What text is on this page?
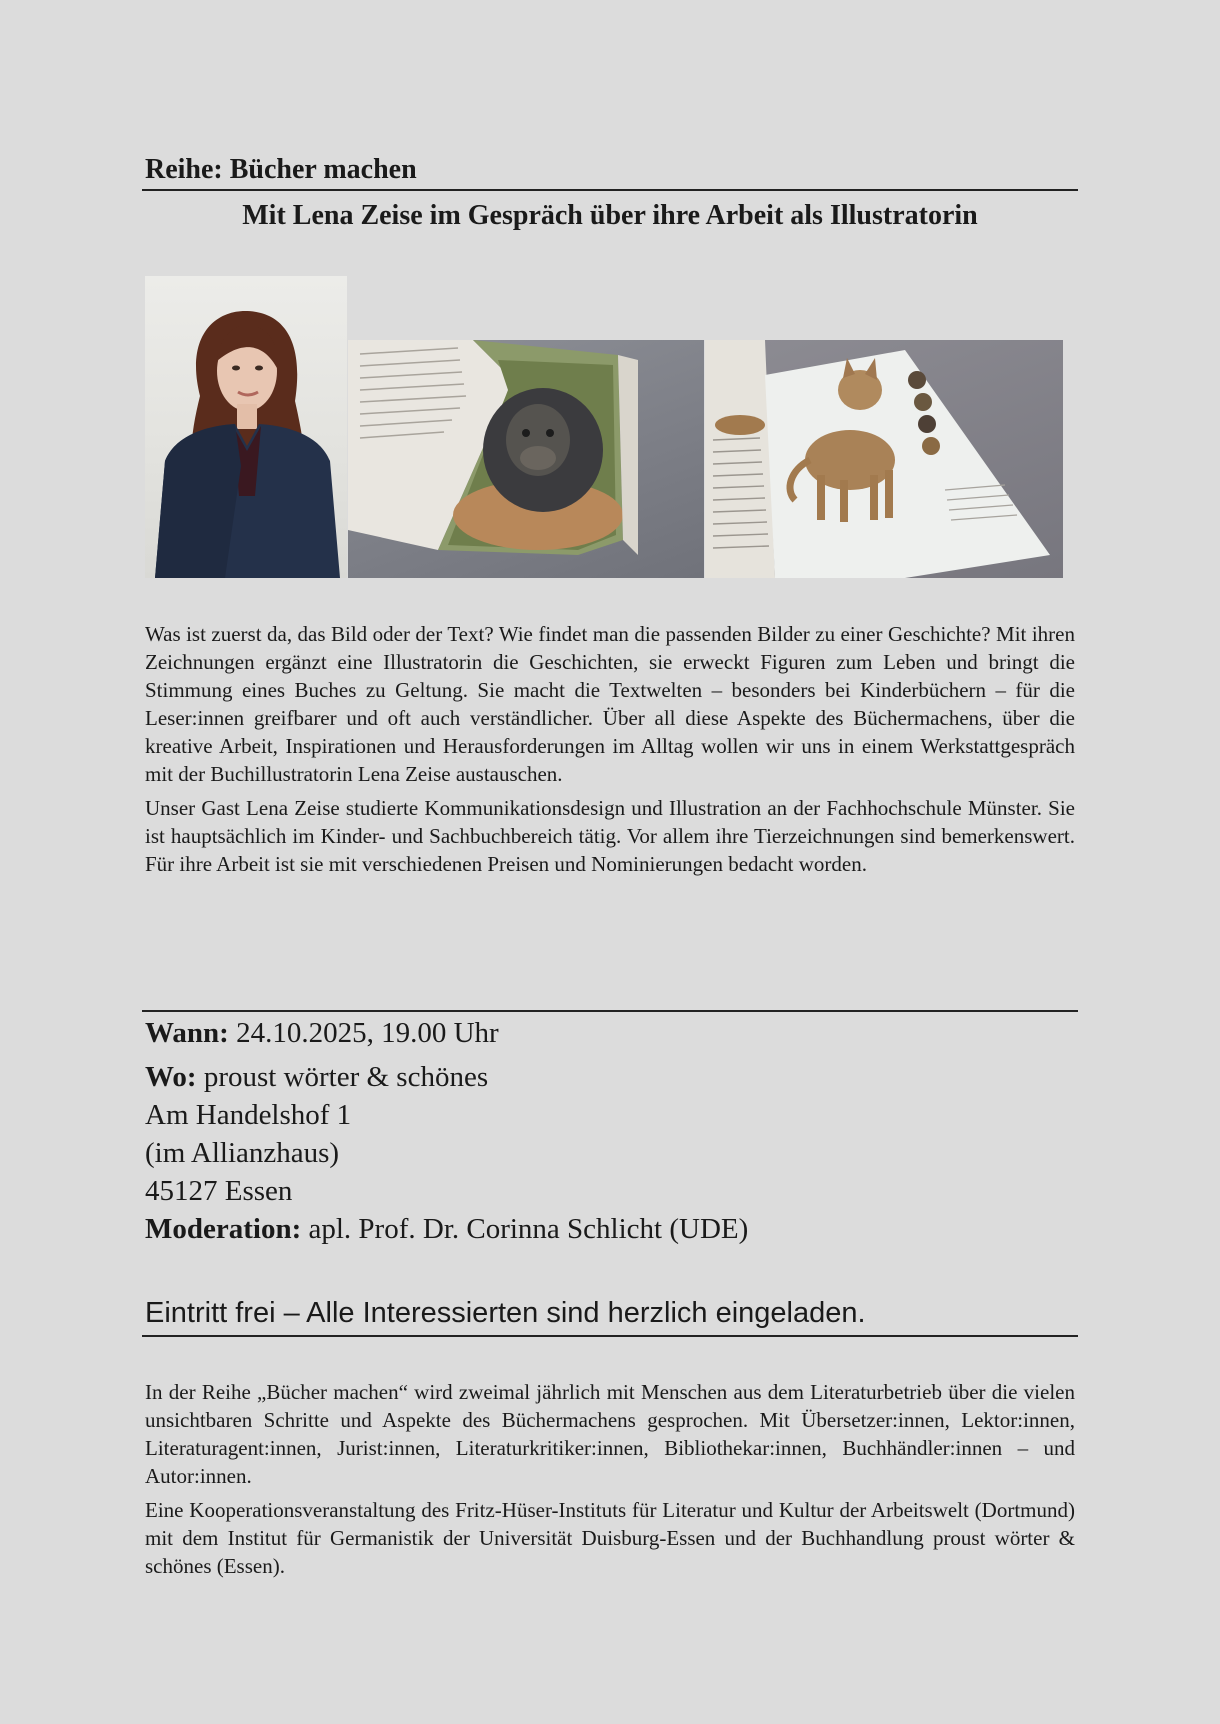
Reihe: Bücher machen
Mit Lena Zeise im Gespräch über ihre Arbeit als Illustratorin

Was ist zuerst da, das Bild oder der Text? Wie findet man die passenden Bilder zu einer Geschichte? Mit ihren Zeichnungen ergänzt eine Illustratorin die Geschichten, sie erweckt Figuren zum Leben und bringt die Stimmung eines Buches zu Geltung. Sie macht die Textwelten – besonders bei Kinderbüchern – für die Leser:innen greifbarer und oft auch verständlicher. Über all diese Aspekte des Büchermachens, über die kreative Arbeit, Inspirationen und Herausforderungen im Alltag wollen wir uns in einem Werkstattgespräch mit der Buchillustratorin Lena Zeise austauschen.

Unser Gast Lena Zeise studierte Kommunikationsdesign und Illustration an der Fachhochschule Münster. Sie ist hauptsächlich im Kinder- und Sachbuchbereich tätig. Vor allem ihre Tierzeichnungen sind bemerkenswert. Für ihre Arbeit ist sie mit verschiedenen Preisen und Nominierungen bedacht worden.

Wann: 24.10.2025, 19.00 Uhr
Wo: proust wörter & schönes
Am Handelshof 1
(im Allianzhaus)
45127 Essen
Moderation: apl. Prof. Dr. Corinna Schlicht (UDE)

Eintritt frei – Alle Interessierten sind herzlich eingeladen.

In der Reihe „Bücher machen“ wird zweimal jährlich mit Menschen aus dem Literaturbetrieb über die vielen unsichtbaren Schritte und Aspekte des Büchermachens gesprochen. Mit Übersetzer:innen, Lektor:innen, Literaturagent:innen, Jurist:innen, Literaturkritiker:innen, Bibliothekar:innen, Buchhändler:innen – und Autor:innen.

Eine Kooperationsveranstaltung des Fritz-Hüser-Instituts für Literatur und Kultur der Arbeitswelt (Dortmund) mit dem Institut für Germanistik der Universität Duisburg-Essen und der Buchhandlung proust wörter & schönes (Essen).
